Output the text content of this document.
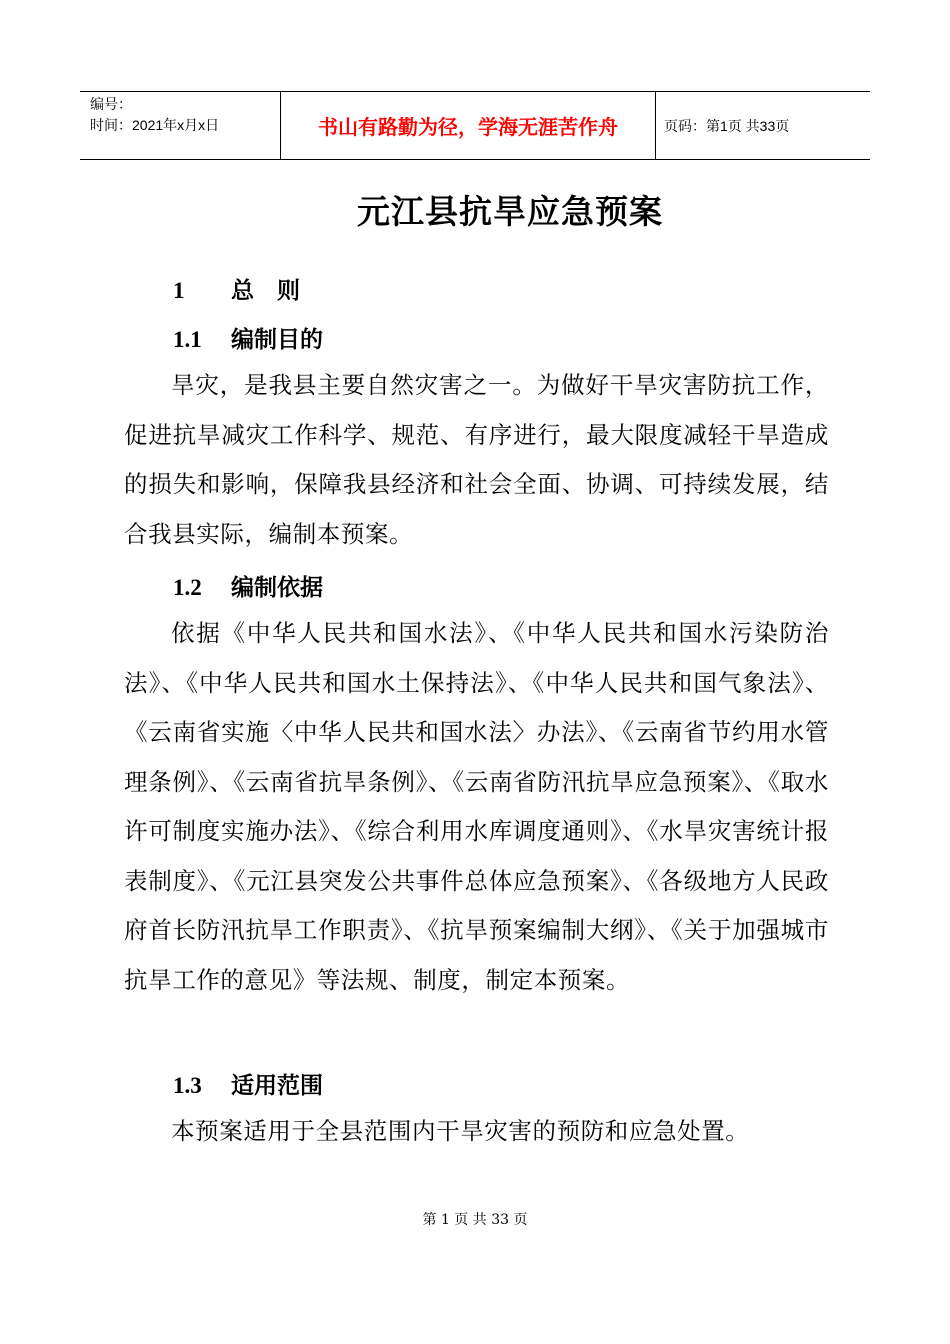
编号：
时间：2021年x月x日	书山有路勤为径，学海无涯苦作舟	页码：第1页 共33页
元江县抗旱应急预案
1 总　则
1.1 编制目的

旱灾，是我县主要自然灾害之一。为做好干旱灾害防抗工作，促进抗旱减灾工作科学、规范、有序进行，最大限度减轻干旱造成的损失和影响，保障我县经济和社会全面、协调、可持续发展，结合我县实际，编制本预案。

1.2 编制依据

依据《中华人民共和国水法》、《中华人民共和国水污染防治法》、《中华人民共和国水土保持法》、《中华人民共和国气象法》、《云南省实施〈中华人民共和国水法〉办法》、《云南省节约用水管理条例》、《云南省抗旱条例》、《云南省防汛抗旱应急预案》、《取水许可制度实施办法》、《综合利用水库调度通则》、《水旱灾害统计报表制度》、《元江县突发公共事件总体应急预案》、《各级地方人民政府首长防汛抗旱工作职责》、《抗旱预案编制大纲》、《关于加强城市抗旱工作的意见》等法规、制度，制定本预案。

1.3 适用范围

本预案适用于全县范围内干旱灾害的预防和应急处置。

第 1 页 共 33 页
